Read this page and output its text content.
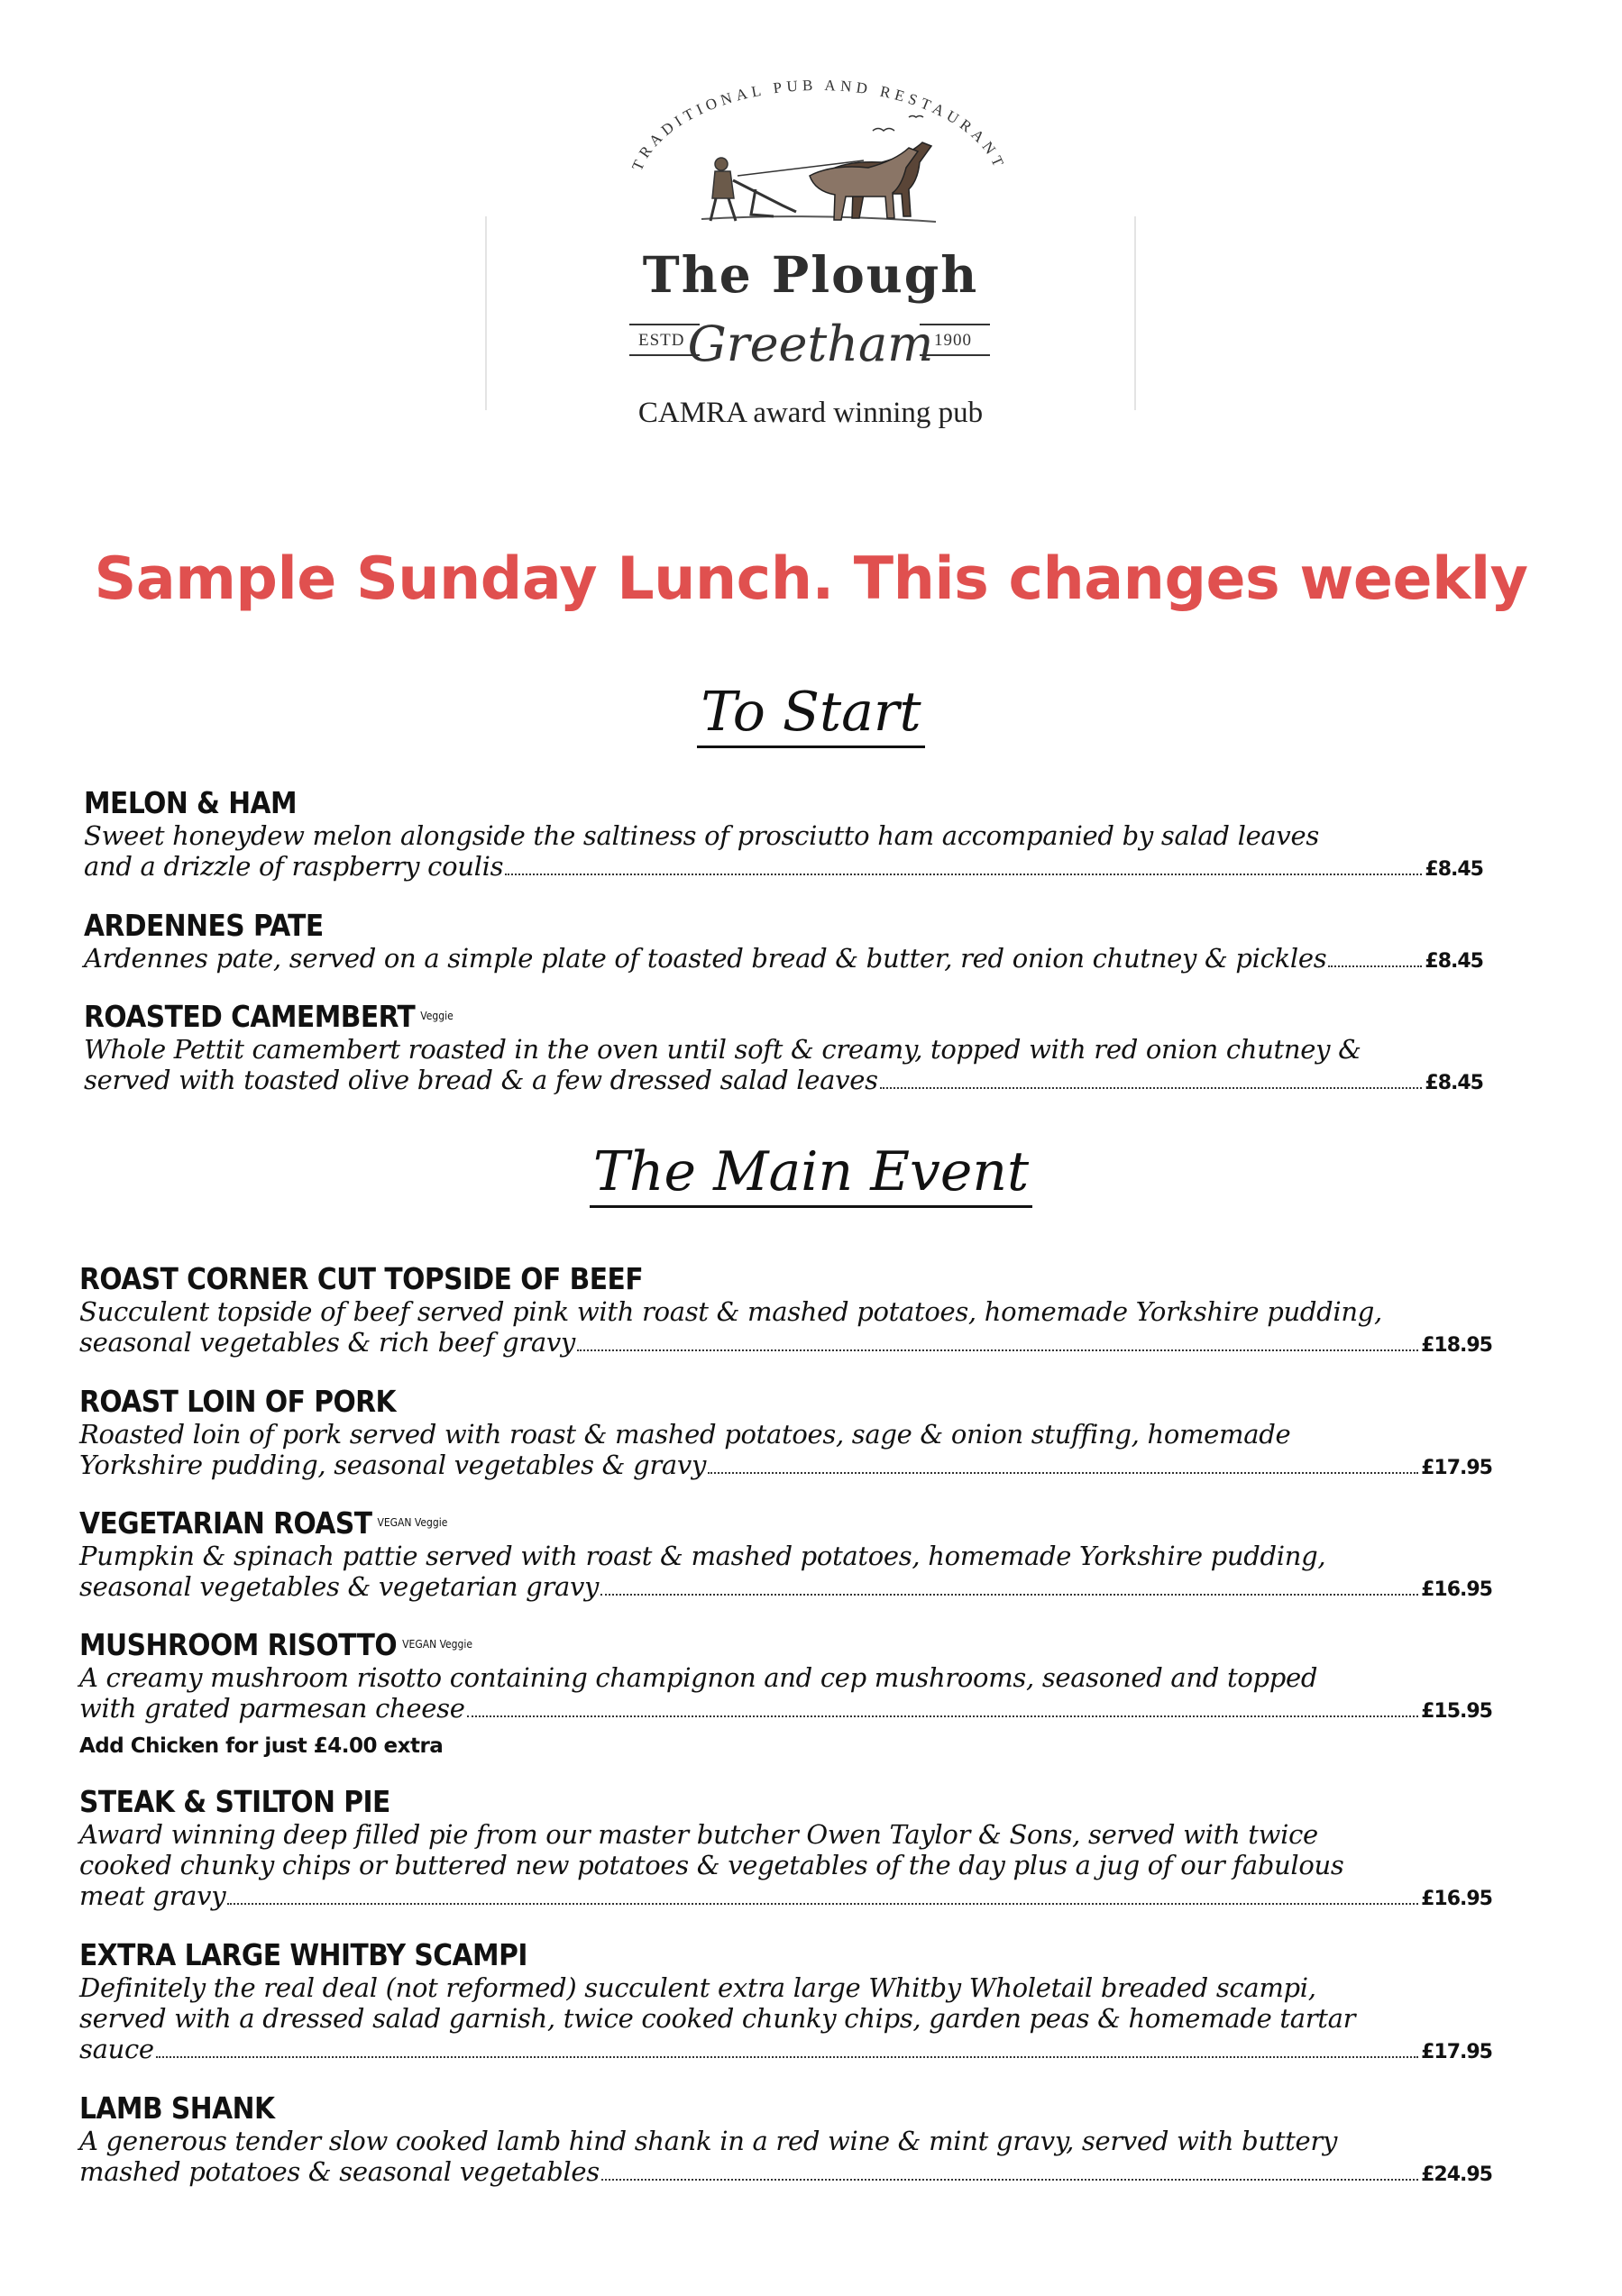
TRADITIONAL PUB AND RESTAURANT
The Plough
ESTD	1900
Greetham
CAMRA award winning pub
Sample Sunday Lunch. This changes weekly
To Start
MELON & HAM
Sweet honeydew melon alongside the saltiness of prosciutto ham accompanied by salad leaves
and a drizzle of raspberry coulis	£8.45
ARDENNES PATE
Ardennes pate, served on a simple plate of toasted bread & butter, red onion chutney & pickles	£8.45
ROASTED CAMEMBERT $^{Veggie}$
Whole Pettit camembert roasted in the oven until soft & creamy, topped with red onion chutney &
served with toasted olive bread & a few dressed salad leaves	£8.45
The Main Event
ROAST CORNER CUT TOPSIDE OF BEEF
Succulent topside of beef served pink with roast & mashed potatoes, homemade Yorkshire pudding,
seasonal vegetables & rich beef gravy	£18.95
ROAST LOIN OF PORK
Roasted loin of pork served with roast & mashed potatoes, sage & onion stuffing, homemade
Yorkshire pudding, seasonal vegetables & gravy	£17.95
VEGETARIAN ROAST $^{VEGAN Veggie}$
Pumpkin & spinach pattie served with roast & mashed potatoes, homemade Yorkshire pudding,
seasonal vegetables & vegetarian gravy	£16.95
MUSHROOM RISOTTO $^{VEGAN Veggie}$
A creamy mushroom risotto containing champignon and cep mushrooms, seasoned and topped
with grated parmesan cheese	£15.95
Add Chicken for just £4.00 extra
STEAK & STILTON PIE
Award winning deep filled pie from our master butcher Owen Taylor & Sons, served with twice
cooked chunky chips or buttered new potatoes & vegetables of the day plus a jug of our fabulous
meat gravy	£16.95
EXTRA LARGE WHITBY SCAMPI
Definitely the real deal (not reformed) succulent extra large Whitby Wholetail breaded scampi,
served with a dressed salad garnish, twice cooked chunky chips, garden peas & homemade tartar
sauce	£17.95
LAMB SHANK
A generous tender slow cooked lamb hind shank in a red wine & mint gravy, served with buttery
mashed potatoes & seasonal vegetables	£24.95
